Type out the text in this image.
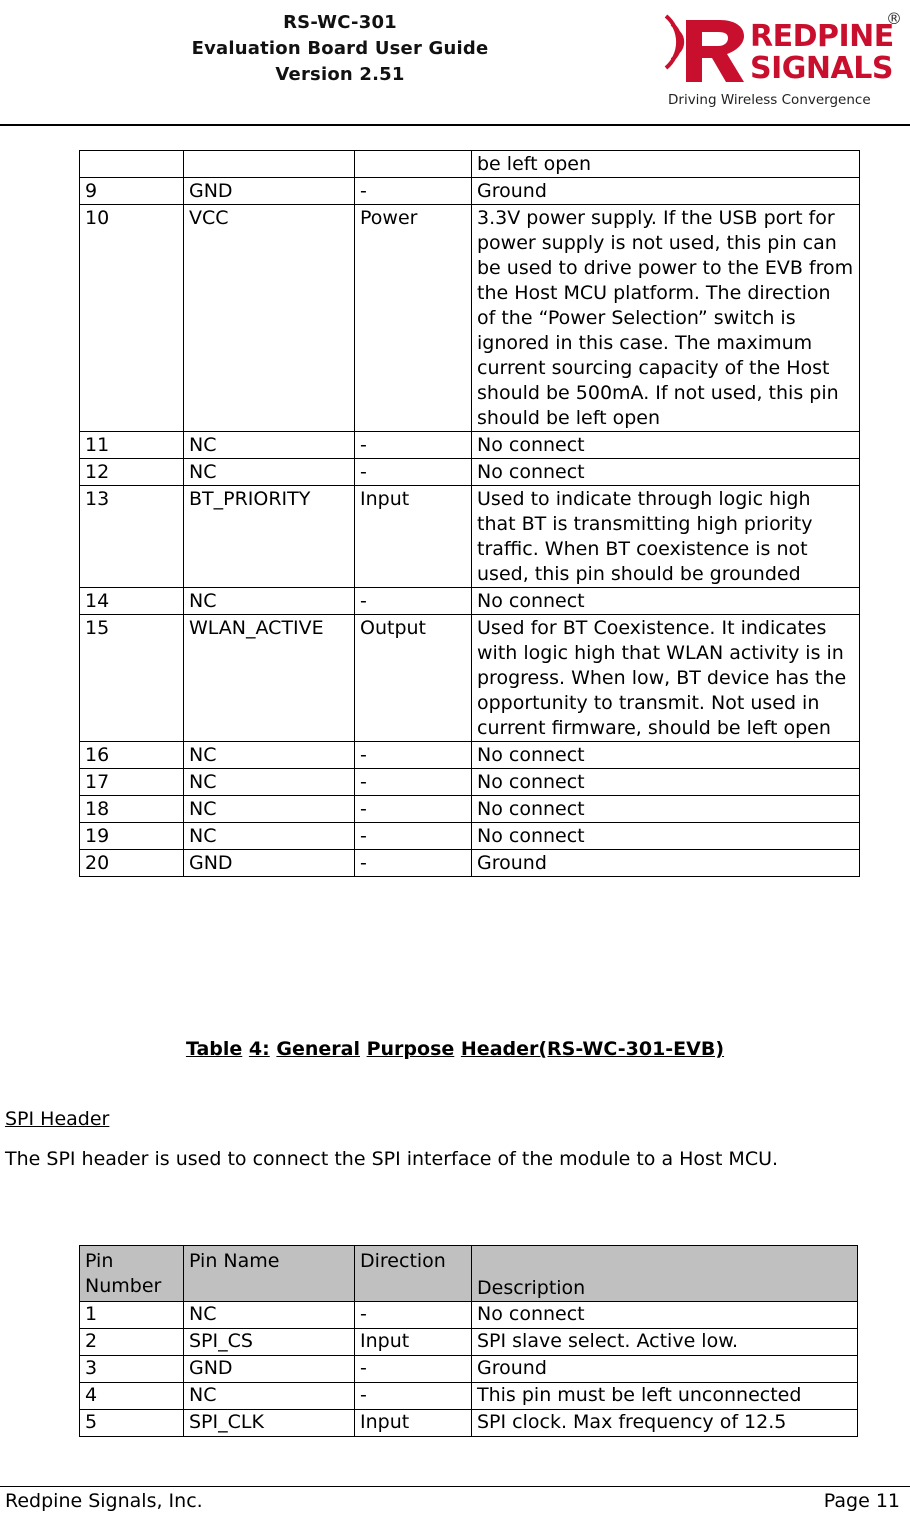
RS-WC-301
Evaluation Board User Guide
Version 2.51
REDPINE
SIGNALS
®
Driving Wireless Convergence
			be left open
9	GND	-	Ground
10	VCC	Power	3.3V power supply. If the USB port for power supply is not used, this pin can be used to drive power to the EVB from the Host MCU platform. The direction of the “Power Selection” switch is ignored in this case. The maximum current sourcing capacity of the Host should be 500mA. If not used, this pin should be left open
11	NC	-	No connect
12	NC	-	No connect
13	BT_PRIORITY	Input	Used to indicate through logic high that BT is transmitting high priority traffic. When BT coexistence is not used, this pin should be grounded
14	NC	-	No connect
15	WLAN_ACTIVE	Output	Used for BT Coexistence. It indicates with logic high that WLAN activity is in progress. When low, BT device has the opportunity to transmit. Not used in current firmware, should be left open
16	NC	-	No connect
17	NC	-	No connect
18	NC	-	No connect
19	NC	-	No connect
20	GND	-	Ground
Table 4: General Purpose Header(RS-WC-301-EVB)
SPI Header
The SPI header is used to connect the SPI interface of the module to a Host MCU.
Pin Number	Pin Name	Direction	Description
1	NC	-	No connect
2	SPI_CS	Input	SPI slave select. Active low.
3	GND	-	Ground
4	NC	-	This pin must be left unconnected
5	SPI_CLK	Input	SPI clock. Max frequency of 12.5
Redpine Signals, Inc.	Page 11
